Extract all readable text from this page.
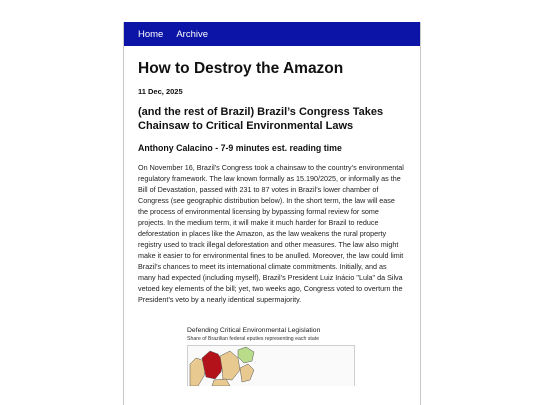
Home Archive
How to Destroy the Amazon

11 Dec, 2025

(and the rest of Brazil) Brazil’s Congress Takes Chainsaw to Critical Environmental Laws

Anthony Calacino - 7-9 minutes est. reading time

On November 16, Brazil’s Congress took a chainsaw to the country’s environmental regulatory framework. The law known formally as 15.190/2025, or informally as the Bill of Devastation, passed with 231 to 87 votes in Brazil’s lower chamber of Congress (see geographic distribution below). In the short term, the law will ease the process of environmental licensing by bypassing formal review for some projects. In the medium term, it will make it much harder for Brazil to reduce deforestation in places like the Amazon, as the law weakens the rural property registry used to track illegal deforestation and other measures. The law also might make it easier to for environmental fines to be anulled. Moreover, the law could limit Brazil’s chances to meet its international climate commitments. Initially, and as many had expected (including myself), Brazil’s President Luiz Inácio "Lula" da Silva vetoed key elements of the bill; yet, two weeks ago, Congress voted to overturn the President’s veto by a nearly identical supermajority.

Defending Critical Environmental Legislation
Share of Brazilian federal eputies representing each state
